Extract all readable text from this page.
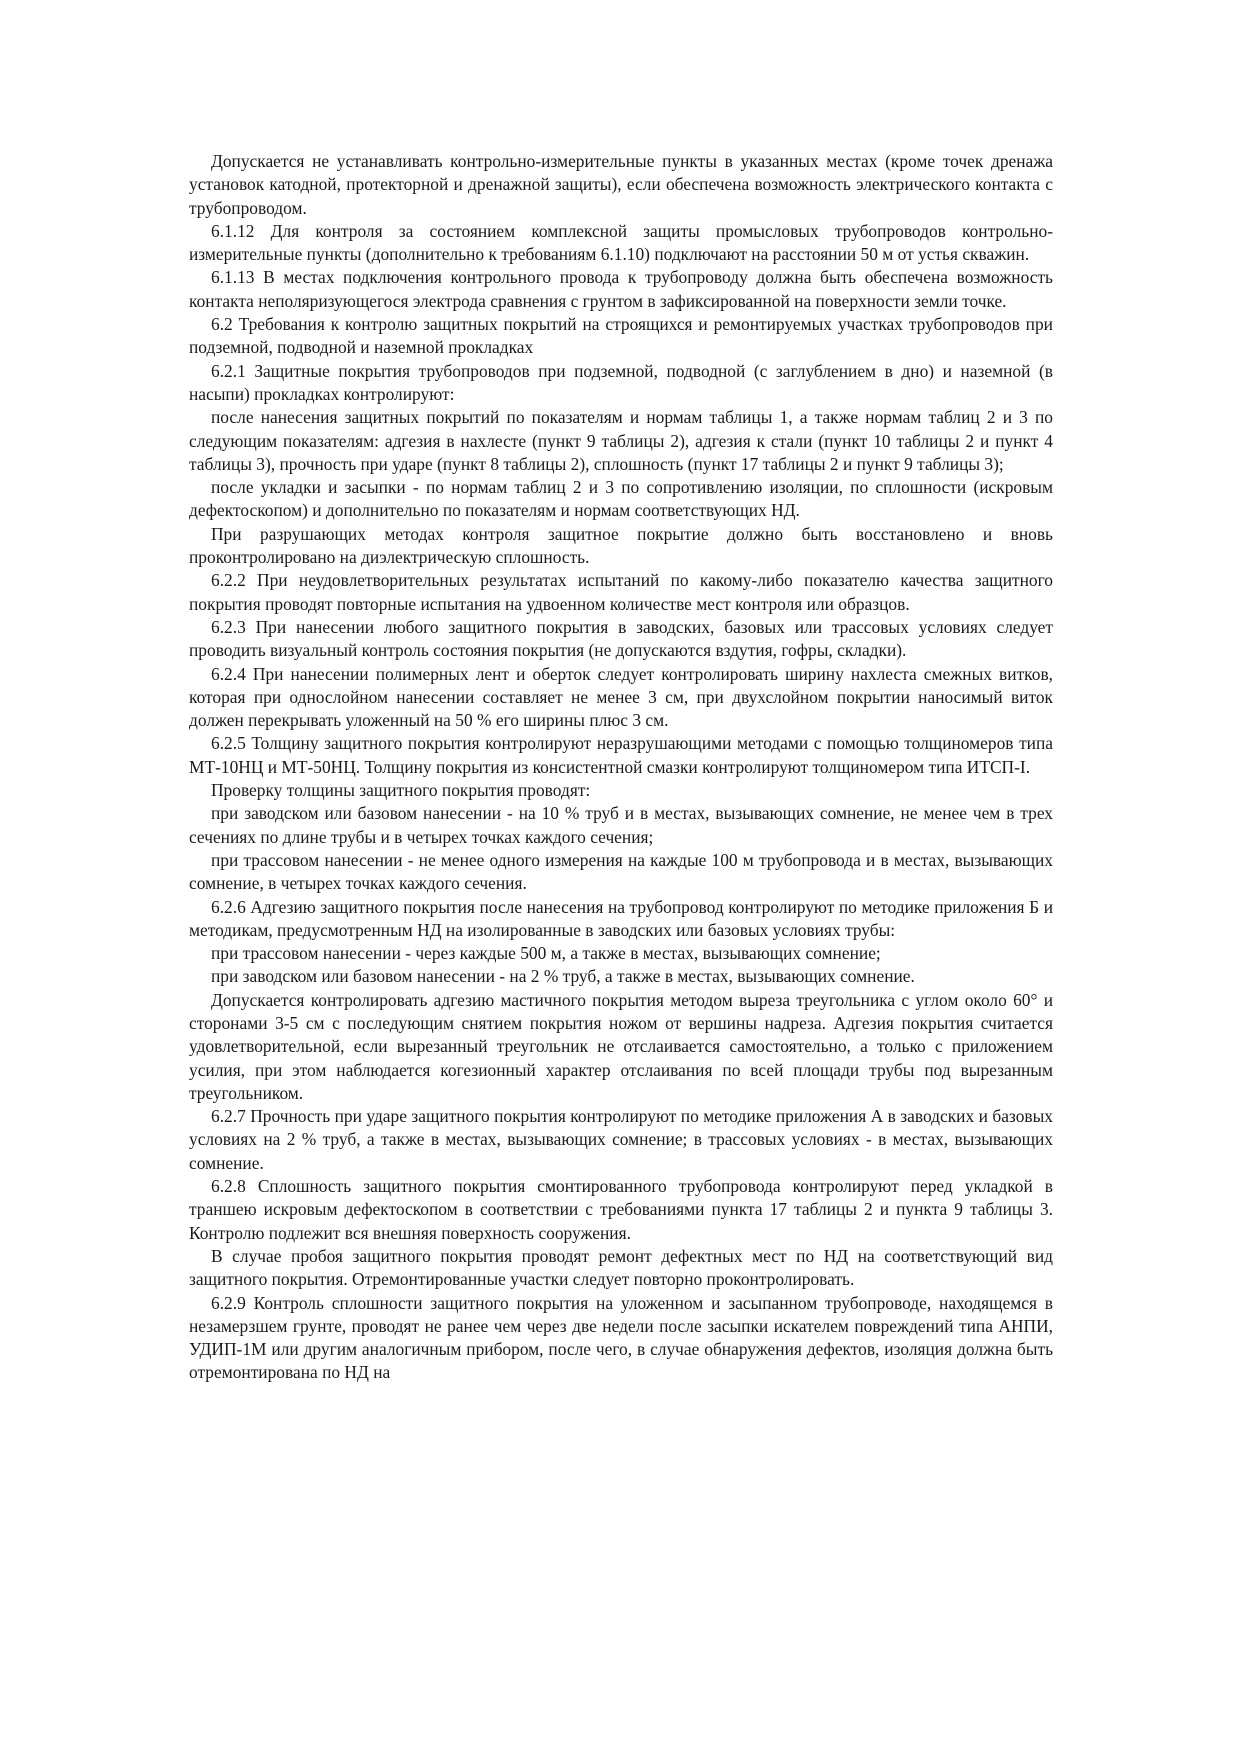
Допускается не устанавливать контрольно-измерительные пункты в указанных местах (кроме точек дренажа установок катодной, протекторной и дренажной защиты), если обеспечена возможность электрического контакта с трубопроводом.

6.1.12 Для контроля за состоянием комплексной защиты промысловых трубопроводов контрольно-измерительные пункты (дополнительно к требованиям 6.1.10) подключают на расстоянии 50 м от устья скважин.

6.1.13 В местах подключения контрольного провода к трубопроводу должна быть обеспечена возможность контакта неполяризующегося электрода сравнения с грунтом в зафиксированной на поверхности земли точке.

6.2 Требования к контролю защитных покрытий на строящихся и ремонтируемых участках трубопроводов при подземной, подводной и наземной прокладках

6.2.1 Защитные покрытия трубопроводов при подземной, подводной (с заглублением в дно) и наземной (в насыпи) прокладках контролируют:

после нанесения защитных покрытий по показателям и нормам таблицы 1, а также нормам таблиц 2 и 3 по следующим показателям: адгезия в нахлесте (пункт 9 таблицы 2), адгезия к стали (пункт 10 таблицы 2 и пункт 4 таблицы 3), прочность при ударе (пункт 8 таблицы 2), сплошность (пункт 17 таблицы 2 и пункт 9 таблицы 3);

после укладки и засыпки - по нормам таблиц 2 и 3 по сопротивлению изоляции, по сплошности (искровым дефектоскопом) и дополнительно по показателям и нормам соответствующих НД.

При разрушающих методах контроля защитное покрытие должно быть восстановлено и вновь проконтролировано на диэлектрическую сплошность.

6.2.2 При неудовлетворительных результатах испытаний по какому-либо показателю качества защитного покрытия проводят повторные испытания на удвоенном количестве мест контроля или образцов.

6.2.3 При нанесении любого защитного покрытия в заводских, базовых или трассовых условиях следует проводить визуальный контроль состояния покрытия (не допускаются вздутия, гофры, складки).

6.2.4 При нанесении полимерных лент и оберток следует контролировать ширину нахлеста смежных витков, которая при однослойном нанесении составляет не менее 3 см, при двухслойном покрытии наносимый виток должен перекрывать уложенный на 50 % его ширины плюс 3 см.

6.2.5 Толщину защитного покрытия контролируют неразрушающими методами с помощью толщиномеров типа МТ-10НЦ и МТ-50НЦ. Толщину покрытия из консистентной смазки контролируют толщиномером типа ИТСП-I.

Проверку толщины защитного покрытия проводят:

при заводском или базовом нанесении - на 10 % труб и в местах, вызывающих сомнение, не менее чем в трех сечениях по длине трубы и в четырех точках каждого сечения;

при трассовом нанесении - не менее одного измерения на каждые 100 м трубопровода и в местах, вызывающих сомнение, в четырех точках каждого сечения.

6.2.6 Адгезию защитного покрытия после нанесения на трубопровод контролируют по методике приложения Б и методикам, предусмотренным НД на изолированные в заводских или базовых условиях трубы:

при трассовом нанесении - через каждые 500 м, а также в местах, вызывающих сомнение;

при заводском или базовом нанесении - на 2 % труб, а также в местах, вызывающих сомнение.

Допускается контролировать адгезию мастичного покрытия методом выреза треугольника с углом около 60° и сторонами 3-5 см с последующим снятием покрытия ножом от вершины надреза. Адгезия покрытия считается удовлетворительной, если вырезанный треугольник не отслаивается самостоятельно, а только с приложением усилия, при этом наблюдается когезионный характер отслаивания по всей площади трубы под вырезанным треугольником.

6.2.7 Прочность при ударе защитного покрытия контролируют по методике приложения А в заводских и базовых условиях на 2 % труб, а также в местах, вызывающих сомнение; в трассовых условиях - в местах, вызывающих сомнение.

6.2.8 Сплошность защитного покрытия смонтированного трубопровода контролируют перед укладкой в траншею искровым дефектоскопом в соответствии с требованиями пункта 17 таблицы 2 и пункта 9 таблицы 3. Контролю подлежит вся внешняя поверхность сооружения.

В случае пробоя защитного покрытия проводят ремонт дефектных мест по НД на соответствующий вид защитного покрытия. Отремонтированные участки следует повторно проконтролировать.

6.2.9 Контроль сплошности защитного покрытия на уложенном и засыпанном трубопроводе, находящемся в незамерзшем грунте, проводят не ранее чем через две недели после засыпки искателем повреждений типа АНПИ, УДИП-1М или другим аналогичным прибором, после чего, в случае обнаружения дефектов, изоляция должна быть отремонтирована по НД на
